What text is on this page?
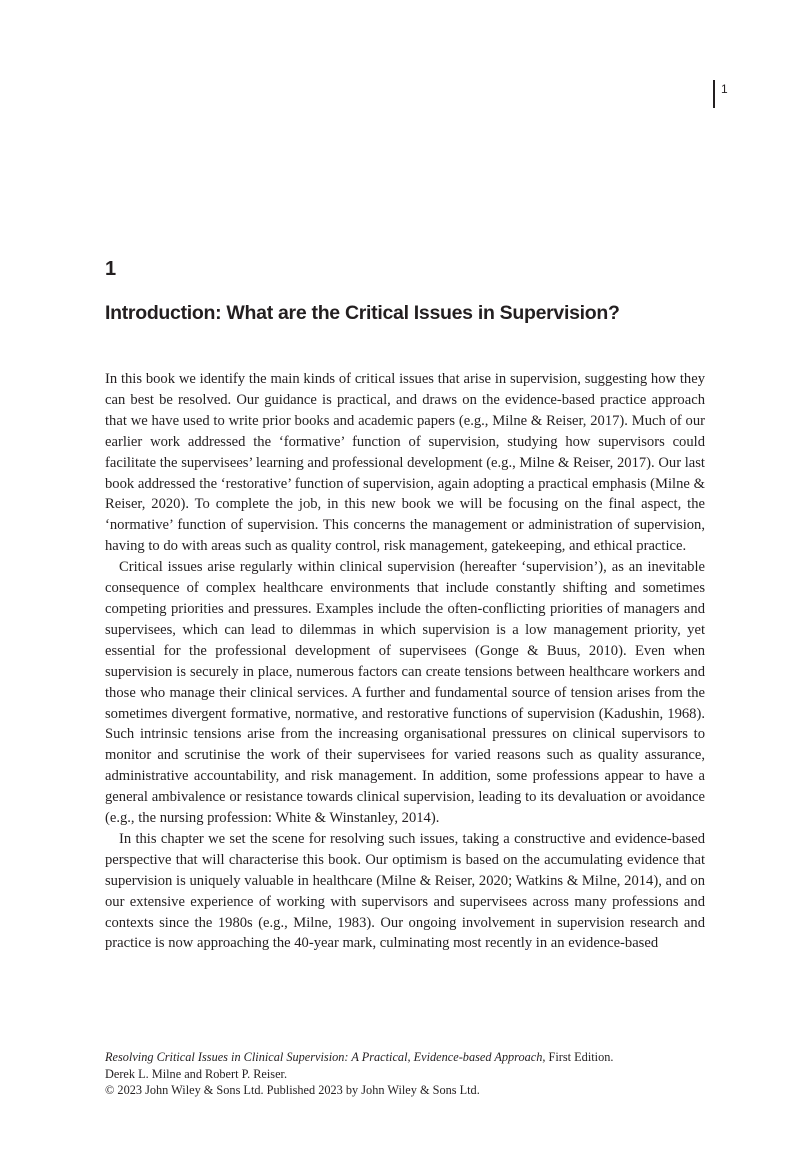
1
1
Introduction: What are the Critical Issues in Supervision?

In this book we identify the main kinds of critical issues that arise in supervision, suggesting how they can best be resolved. Our guidance is practical, and draws on the evidence-based practice approach that we have used to write prior books and academic papers (e.g., Milne & Reiser, 2017). Much of our earlier work addressed the ‘formative’ function of supervision, studying how supervisors could facilitate the supervisees’ learning and professional development (e.g., Milne & Reiser, 2017). Our last book addressed the ‘restorative’ function of supervision, again adopting a practical emphasis (Milne & Reiser, 2020). To complete the job, in this new book we will be focusing on the final aspect, the ‘normative’ function of supervision. This concerns the management or administration of supervision, having to do with areas such as quality control, risk management, gatekeeping, and ethical practice.

Critical issues arise regularly within clinical supervision (hereafter ‘supervision’), as an inevitable consequence of complex healthcare environments that include constantly shifting and sometimes competing priorities and pressures. Examples include the often-conflicting priorities of managers and supervisees, which can lead to dilemmas in which supervision is a low management priority, yet essential for the professional development of supervisees (Gonge & Buus, 2010). Even when supervision is securely in place, numerous factors can create tensions between healthcare workers and those who manage their clinical services. A further and fundamental source of tension arises from the sometimes divergent formative, normative, and restorative functions of supervision (Kadushin, 1968). Such intrinsic tensions arise from the increasing organisational pressures on clinical supervisors to monitor and scrutinise the work of their supervisees for varied reasons such as quality assurance, administrative accountability, and risk management. In addition, some professions appear to have a general ambivalence or resistance towards clinical supervision, leading to its devaluation or avoidance (e.g., the nursing profession: White & Winstanley, 2014).

In this chapter we set the scene for resolving such issues, taking a constructive and evidence-based perspective that will characterise this book. Our optimism is based on the accumulating evidence that supervision is uniquely valuable in healthcare (Milne & Reiser, 2020; Watkins & Milne, 2014), and on our extensive experience of working with supervisors and supervisees across many professions and contexts since the 1980s (e.g., Milne, 1983). Our ongoing involvement in supervision research and practice is now approaching the 40-year mark, culminating most recently in an evidence-based

Resolving Critical Issues in Clinical Supervision: A Practical, Evidence-based Approach, First Edition.
Derek L. Milne and Robert P. Reiser.
© 2023 John Wiley & Sons Ltd. Published 2023 by John Wiley & Sons Ltd.
